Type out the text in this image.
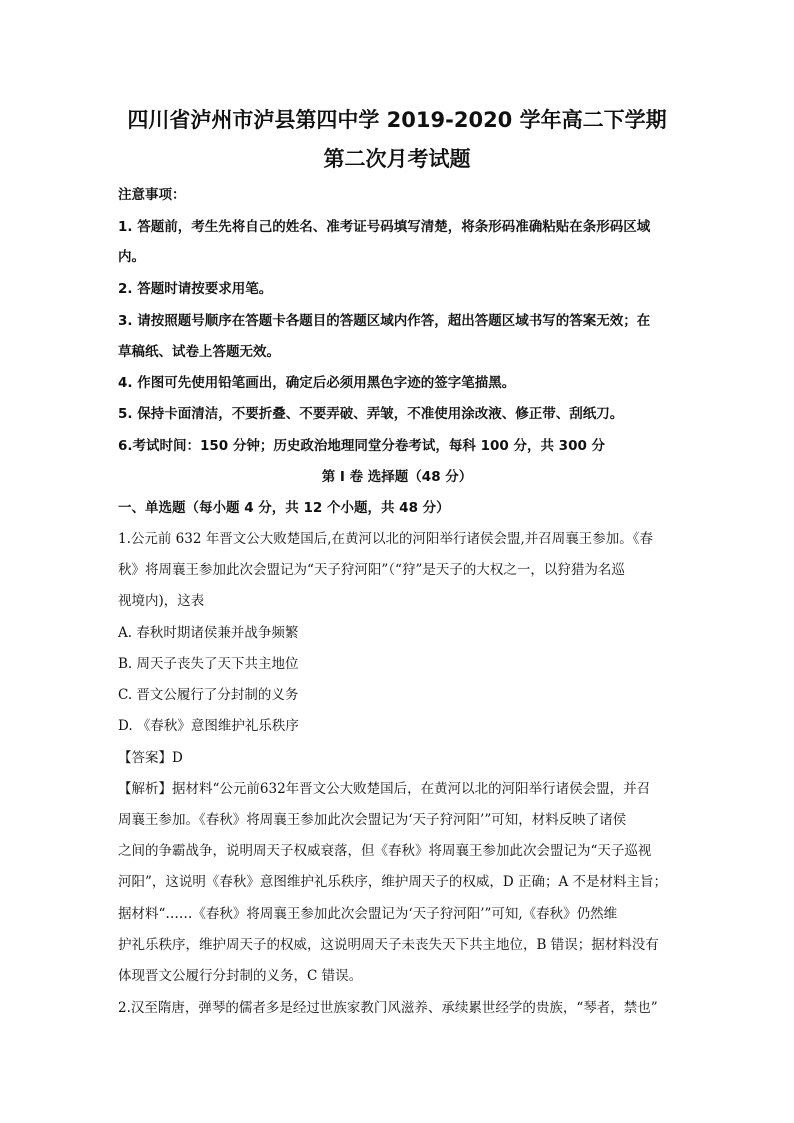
四川省泸州市泸县第四中学 2019-2020 学年高二下学期
第二次月考试题
注意事项：
1. 答题前，考生先将自己的姓名、准考证号码填写清楚，将条形码准确粘贴在条形码区域
内。
2. 答题时请按要求用笔。
3. 请按照题号顺序在答题卡各题目的答题区域内作答，超出答题区域书写的答案无效；在
草稿纸、试卷上答题无效。
4. 作图可先使用铅笔画出，确定后必须用黑色字迹的签字笔描黑。
5. 保持卡面清洁，不要折叠、不要弄破、弄皱，不准使用涂改液、修正带、刮纸刀。
6.考试时间：150 分钟；历史政治地理同堂分卷考试，每科 100 分，共 300 分
第 I 卷 选择题（48 分）
一、单选题（每小题 4 分，共 12 个小题，共 48 分）
1.公元前 632 年晋文公大败楚国后,在黄河以北的河阳举行诸侯会盟,并召周襄王参加。《春
秋》将周襄王参加此次会盟记为“天子狩河阳”（“狩”是天子的大权之一，以狩猎为名巡
视境内)，这表
A. 春秋时期诸侯兼并战争频繁
B. 周天子丧失了天下共主地位
C. 晋文公履行了分封制的义务
D. 《春秋》意图维护礼乐秩序
【答案】D
【解析】据材料“公元前632年晋文公大败楚国后，在黄河以北的河阳举行诸侯会盟，并召
周襄王参加。《春秋》将周襄王参加此次会盟记为‘天子狩河阳’”可知，材料反映了诸侯
之间的争霸战争，说明周天子权威衰落，但《春秋》将周襄王参加此次会盟记为“天子巡视
河阳”，这说明《春秋》意图维护礼乐秩序，维护周天子的权威，D 正确；A 不是材料主旨；
据材料“……《春秋》将周襄王参加此次会盟记为‘天子狩河阳’”可知,《春秋》仍然维
护礼乐秩序，维护周天子的权威，这说明周天子未丧失天下共主地位，B 错误；据材料没有
体现晋文公履行分封制的义务，C 错误。
2.汉至隋唐，弹琴的儒者多是经过世族家教门风滋养、承续累世经学的贵族，“琴者，禁也”
